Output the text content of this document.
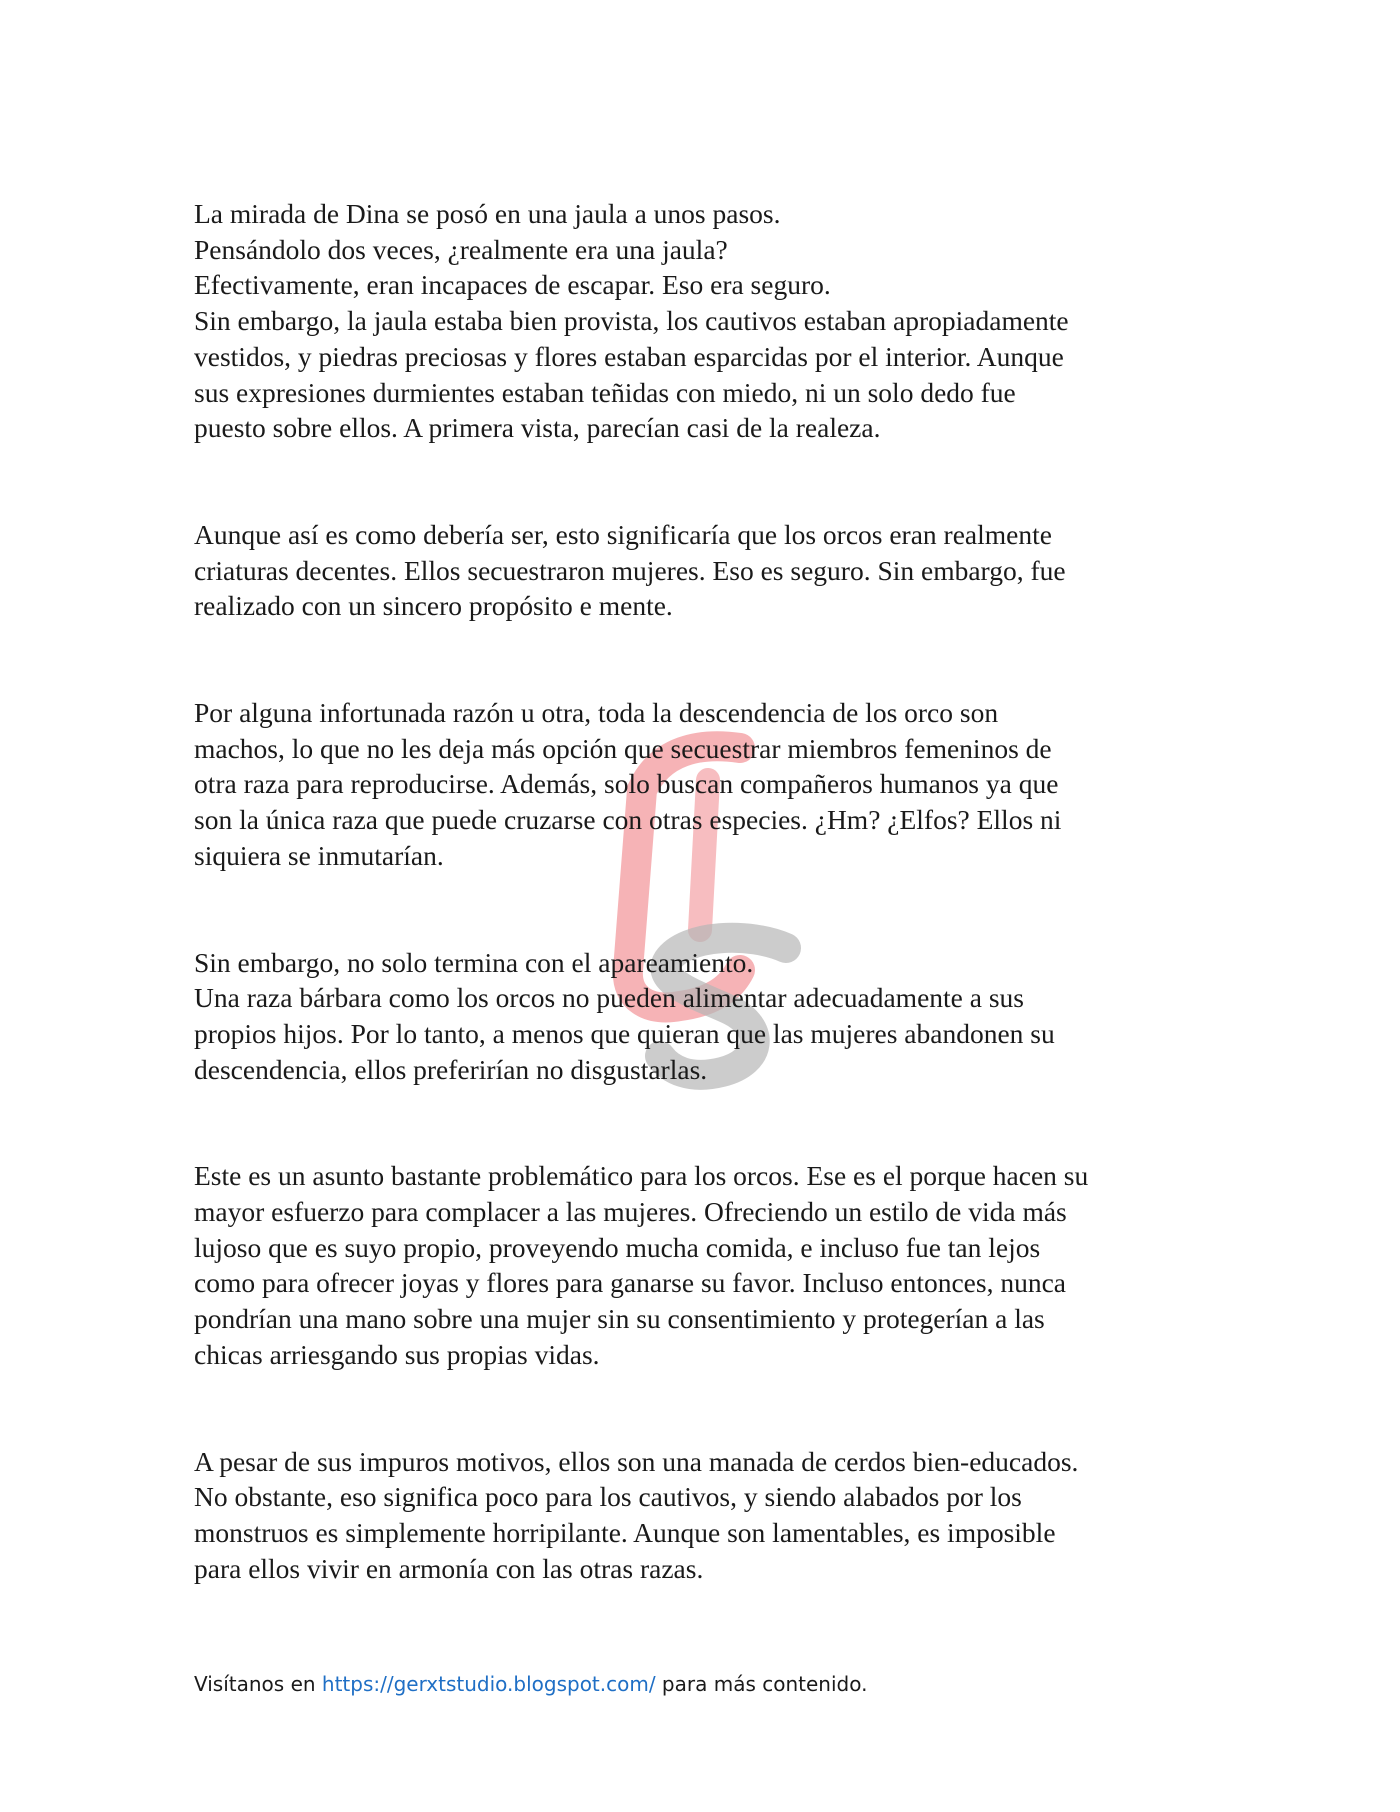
La mirada de Dina se posó en una jaula a unos pasos.
Pensándolo dos veces, ¿realmente era una jaula?
Efectivamente, eran incapaces de escapar. Eso era seguro.
Sin embargo, la jaula estaba bien provista, los cautivos estaban apropiadamente
vestidos, y piedras preciosas y flores estaban esparcidas por el interior. Aunque
sus expresiones durmientes estaban teñidas con miedo, ni un solo dedo fue
puesto sobre ellos. A primera vista, parecían casi de la realeza.

Aunque así es como debería ser, esto significaría que los orcos eran realmente
criaturas decentes. Ellos secuestraron mujeres. Eso es seguro. Sin embargo, fue
realizado con un sincero propósito e mente.

Por alguna infortunada razón u otra, toda la descendencia de los orco son
machos, lo que no les deja más opción que secuestrar miembros femeninos de
otra raza para reproducirse. Además, solo buscan compañeros humanos ya que
son la única raza que puede cruzarse con otras especies. ¿Hm? ¿Elfos? Ellos ni
siquiera se inmutarían.

Sin embargo, no solo termina con el apareamiento.
Una raza bárbara como los orcos no pueden alimentar adecuadamente a sus
propios hijos. Por lo tanto, a menos que quieran que las mujeres abandonen su
descendencia, ellos preferirían no disgustarlas.

Este es un asunto bastante problemático para los orcos. Ese es el porque hacen su
mayor esfuerzo para complacer a las mujeres. Ofreciendo un estilo de vida más
lujoso que es suyo propio, proveyendo mucha comida, e incluso fue tan lejos
como para ofrecer joyas y flores para ganarse su favor. Incluso entonces, nunca
pondrían una mano sobre una mujer sin su consentimiento y protegerían a las
chicas arriesgando sus propias vidas.

A pesar de sus impuros motivos, ellos son una manada de cerdos bien-educados.
No obstante, eso significa poco para los cautivos, y siendo alabados por los
monstruos es simplemente horripilante. Aunque son lamentables, es imposible
para ellos vivir en armonía con las otras razas.

Visítanos en https://gerxtstudio.blogspot.com/ para más contenido.
